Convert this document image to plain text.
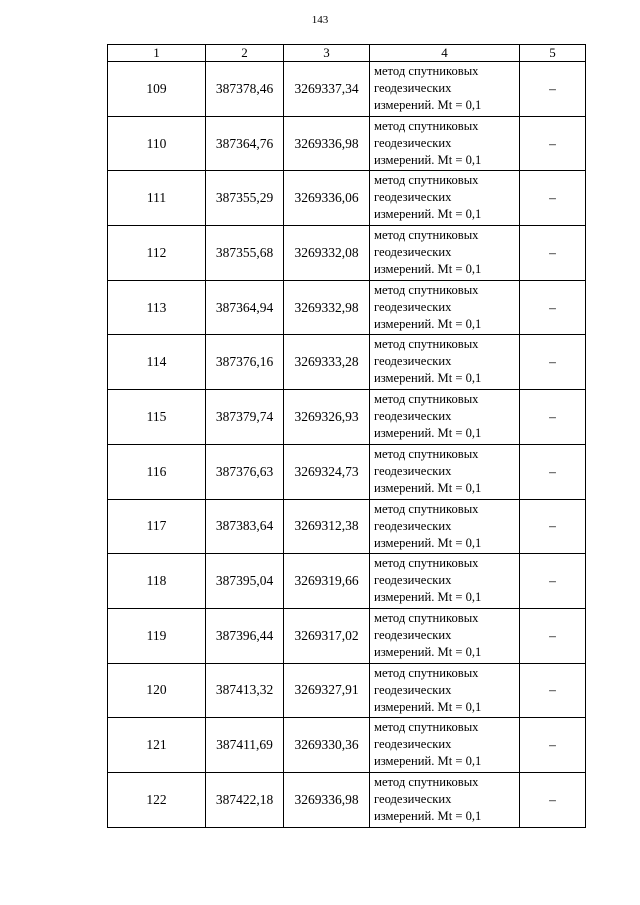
143
1	2	3	4	5
109	387378,46	3269337,34	метод спутниковых
геодезических
измерений. Mt = 0,1	–
110	387364,76	3269336,98	метод спутниковых
геодезических
измерений. Mt = 0,1	–
111	387355,29	3269336,06	метод спутниковых
геодезических
измерений. Mt = 0,1	–
112	387355,68	3269332,08	метод спутниковых
геодезических
измерений. Mt = 0,1	–
113	387364,94	3269332,98	метод спутниковых
геодезических
измерений. Mt = 0,1	–
114	387376,16	3269333,28	метод спутниковых
геодезических
измерений. Mt = 0,1	–
115	387379,74	3269326,93	метод спутниковых
геодезических
измерений. Mt = 0,1	–
116	387376,63	3269324,73	метод спутниковых
геодезических
измерений. Mt = 0,1	–
117	387383,64	3269312,38	метод спутниковых
геодезических
измерений. Mt = 0,1	–
118	387395,04	3269319,66	метод спутниковых
геодезических
измерений. Mt = 0,1	–
119	387396,44	3269317,02	метод спутниковых
геодезических
измерений. Mt = 0,1	–
120	387413,32	3269327,91	метод спутниковых
геодезических
измерений. Mt = 0,1	–
121	387411,69	3269330,36	метод спутниковых
геодезических
измерений. Mt = 0,1	–
122	387422,18	3269336,98	метод спутниковых
геодезических
измерений. Mt = 0,1	–
